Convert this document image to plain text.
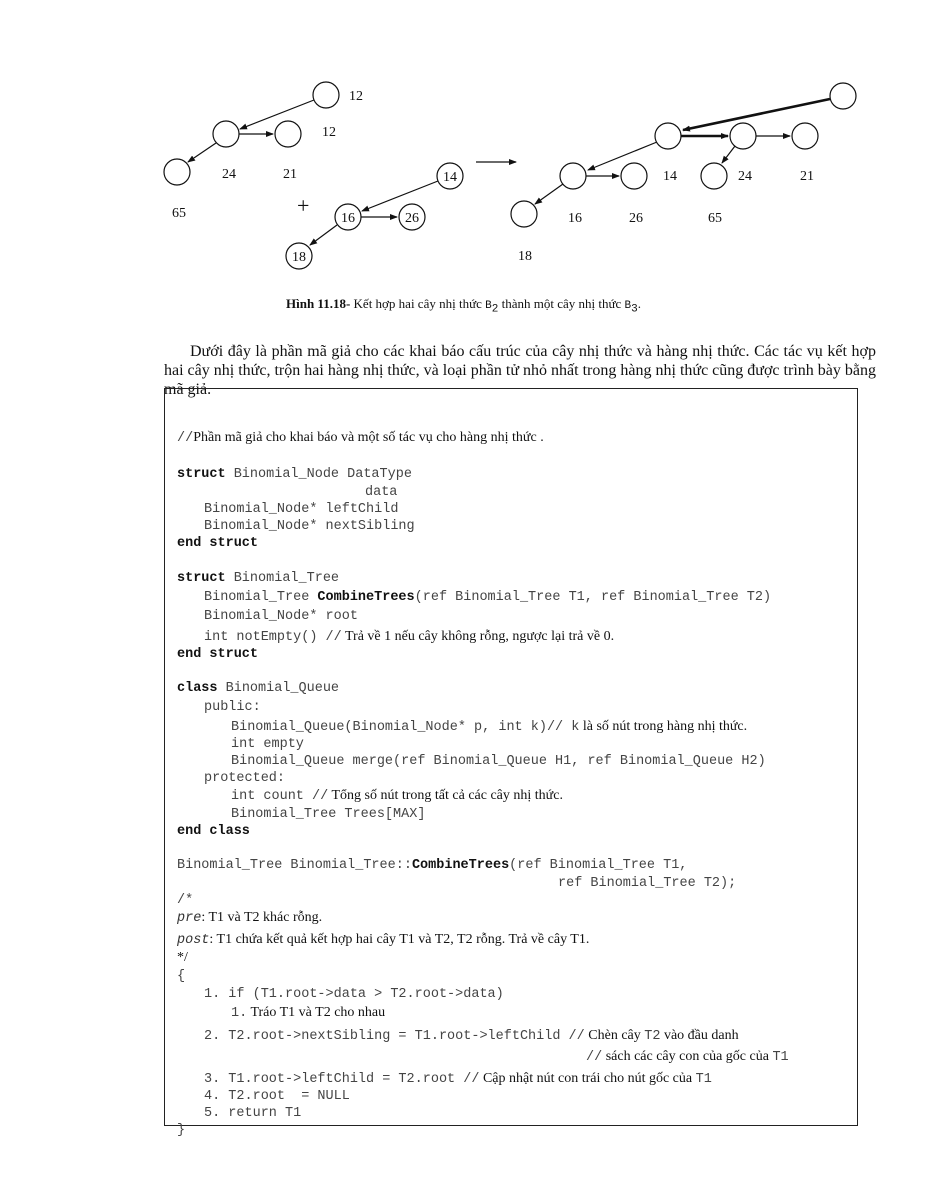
12
12
24	21
65	+
14
16	26
18
14	24	21
16	26	65
18
Hình 11.18- Kết hợp hai cây nhị thức $B_2$ thành một cây nhị thức $B_3$.
Dưới đây là phần mã giả cho các khai báo cấu trúc của cây nhị thức và hàng nhị thức. Các tác vụ kết hợp hai cây nhị thức, trộn hai hàng nhị thức, và loại phần tử nhỏ nhất trong hàng nhị thức cũng được trình bày bằng mã giả.
//Phần mã giả cho khai báo và một số tác vụ cho hàng nhị thức .
struct Binomial_Node DataType
data
Binomial_Node* leftChild
Binomial_Node* nextSibling
end struct
struct Binomial_Tree
Binomial_Tree CombineTrees(ref Binomial_Tree T1, ref Binomial_Tree T2)
Binomial_Node* root
int notEmpty() // Trả về 1 nếu cây không rỗng, ngược lại trả về 0.
end struct
class Binomial_Queue
public:
Binomial_Queue(Binomial_Node* p, int k)// k là số nút trong hàng nhị thức.
int empty
Binomial_Queue merge(ref Binomial_Queue H1, ref Binomial_Queue H2)
protected:
int count // Tổng số nút trong tất cả các cây nhị thức.
Binomial_Tree Trees[MAX]
end class
Binomial_Tree Binomial_Tree::CombineTrees(ref Binomial_Tree T1,
ref Binomial_Tree T2);
/*
pre: T1 và T2 khác rỗng.
post: T1 chứa kết quả kết hợp hai cây T1 và T2, T2 rỗng. Trả về cây T1.
*/
{
1. if (T1.root->data > T2.root->data)
1. Tráo T1 và T2 cho nhau
2. T2.root->nextSibling = T1.root->leftChild // Chèn cây T2 vào đầu danh
// sách các cây con của gốc của T1
3. T1.root->leftChild = T2.root // Cập nhật nút con trái cho nút gốc của T1
4. T2.root  = NULL
5. return T1
}
